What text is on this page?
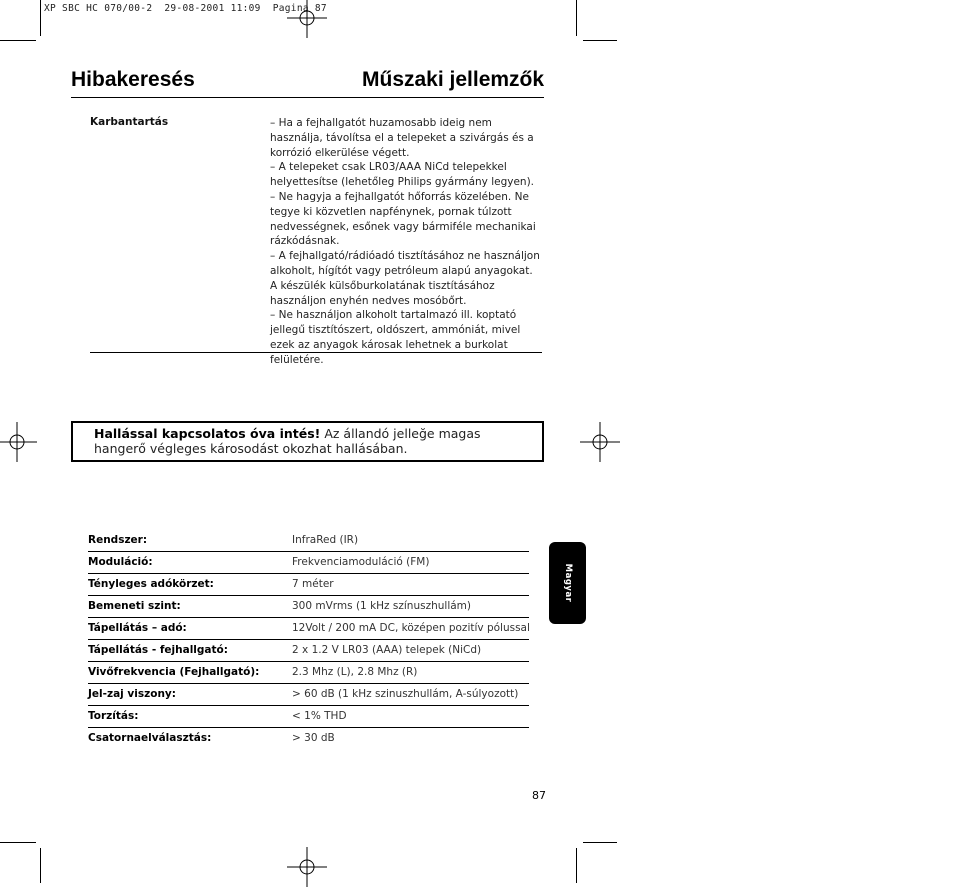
XP SBC HC 070/00-2  29-08-2001 11:09  Pagina 87
Hibakeresés	Műszaki jellemzők
Karbantartás	– Ha a fejhallgatót huzamosabb ideig nem használja, távolítsa el a telepeket a szivárgás és a korrózió elkerülése végett.

– A telepeket csak LR03/AAA NiCd telepekkel helyettesítse (lehetőleg Philips gyármány legyen).

– Ne hagyja a fejhallgatót hőforrás közelében. Ne tegye ki közvetlen napfénynek, pornak túlzott nedvességnek, esőnek vagy bármiféle mechanikai rázkódásnak.

– A fejhallgató/rádióadó tisztításához ne használjon alkoholt, hígítót vagy petróleum alapú anyagokat. A készülék külsőburkolatának tisztításához használjon enyhén nedves mosóbőrt.

– Ne használjon alkoholt tartalmazó ill. koptató jellegű tisztítószert, oldószert, ammóniát, mivel ezek az anyagok károsak lehetnek a burkolat felületére.

Hallással kapcsolatos óva intés! Az állandó jelleğe magas hangerő végleges károsodást okozhat hallásában.
Rendszer:	InfraRed (IR)
Moduláció:	Frekvenciamoduláció (FM)
Tényleges adókörzet:	7 méter
Bemeneti szint:	300 mVrms (1 kHz színuszhullám)
Tápellátás – adó:	12Volt / 200 mA DC, középen pozitív pólussal
Tápellátás - fejhallgató:	2 x 1.2 V LR03 (AAA) telepek (NiCd)
Vivőfrekvencia (Fejhallgató):	2.3 Mhz (L), 2.8 Mhz (R)
Jel-zaj viszony:	> 60 dB (1 kHz szinuszhullám, A-súlyozott)
Torzítás:	< 1% THD
Csatornaelválasztás:	> 30 dB
Magyar
87
